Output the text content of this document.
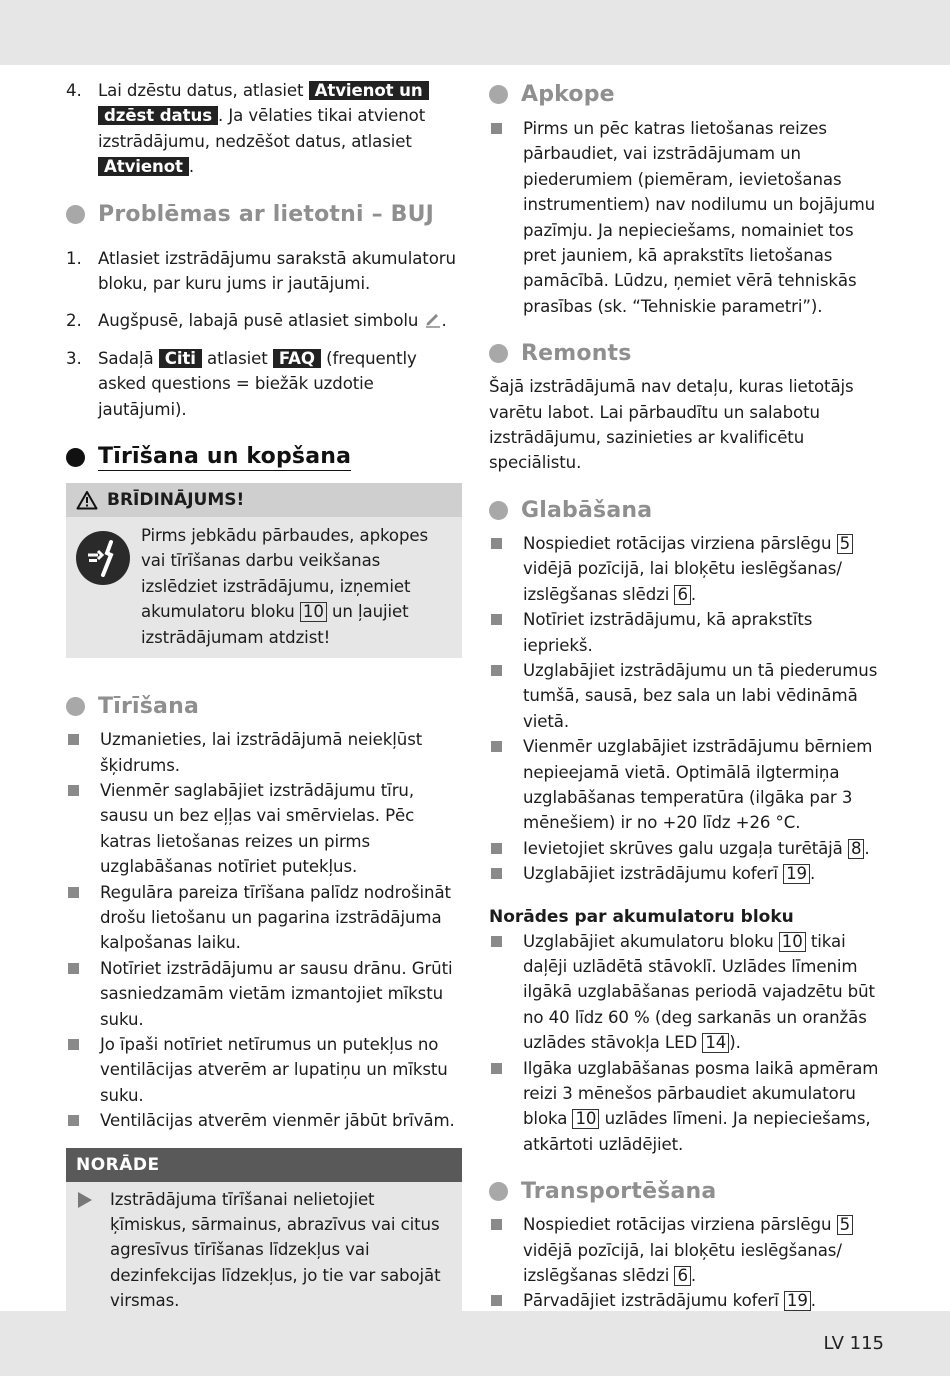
4. Lai dzēstu datus, atlasiet Atvienot un
dzēst datus . Ja vēlaties tikai atvienot izstrādājumu, nedzēšot datus, atlasiet Atvienot .
Problēmas ar lietotni – BUJ
1. Atlasiet izstrādājumu sarakstā akumulatoru bloku, par kuru jums ir jautājumi.
2. Augšpusē, labajā pusē atlasiet simbolu .
3. Sadaļā Citi atlasiet FAQ (frequently asked questions = biežāk uzdotie jautājumi).
Tīrīšana un kopšana
BRĪDINĀJUMS!
Pirms jebkādu pārbaudes, apkopes vai tīrīšanas darbu veikšanas izslēdziet izstrādājumu, izņemiet akumulatoru bloku 10 un ļaujiet izstrādājumam atdzist!
Tīrīšana
Uzmanieties, lai izstrādājumā neiekļūst šķidrums.
Vienmēr saglabājiet izstrādājumu tīru, sausu un bez eļļas vai smērvielas. Pēc katras lietošanas reizes un pirms uzglabāšanas notīriet putekļus.
Regulāra pareiza tīrīšana palīdz nodrošināt drošu lietošanu un pagarina izstrādājuma kalpošanas laiku.
Notīriet izstrādājumu ar sausu drānu. Grūti sasniedzamām vietām izmantojiet mīkstu suku.
Jo īpaši notīriet netīrumus un putekļus no ventilācijas atverēm ar lupatiņu un mīkstu suku.
Ventilācijas atverēm vienmēr jābūt brīvām.
NORĀDE
Izstrādājuma tīrīšanai nelietojiet ķīmiskus, sārmainus, abrazīvus vai citus agresīvus tīrīšanas līdzekļus vai dezinfekcijas līdzekļus, jo tie var sabojāt virsmas.
Apkope
Pirms un pēc katras lietošanas reizes pārbaudiet, vai izstrādājumam un piederumiem (piemēram, ievietošanas instrumentiem) nav nodilumu un bojājumu pazīmju. Ja nepieciešams, nomainiet tos pret jauniem, kā aprakstīts lietošanas pamācībā. Lūdzu, ņemiet vērā tehniskās prasības (sk. “Tehniskie parametri”).
Remonts
Šajā izstrādājumā nav detaļu, kuras lietotājs varētu labot. Lai pārbaudītu un salabotu izstrādājumu, sazinieties ar kvalificētu speciālistu.
Glabāšana
Nospiediet rotācijas virziena pārslēgu 5 vidējā pozīcijā, lai bloķētu ieslēgšanas/ izslēgšanas slēdzi 6 .
Notīriet izstrādājumu, kā aprakstīts iepriekš.
Uzglabājiet izstrādājumu un tā piederumus tumšā, sausā, bez sala un labi vēdināmā vietā.
Vienmēr uzglabājiet izstrādājumu bērniem nepieejamā vietā. Optimālā ilgtermiņa uzglabāšanas temperatūra (ilgāka par 3 mēnešiem) ir no +20 līdz +26 °C.
Ievietojiet skrūves galu uzgaļa turētājā 8 .
Uzglabājiet izstrādājumu koferī 19 .
Norādes par akumulatoru bloku
Uzglabājiet akumulatoru bloku 10 tikai daļēji uzlādētā stāvoklī. Uzlādes līmenim ilgākā uzglabāšanas periodā vajadzētu būt no 40 līdz 60 % (deg sarkanās un oranžās uzlādes stāvokļa LED 14 ).
Ilgāka uzglabāšanas posma laikā apmēram reizi 3 mēnešos pārbaudiet akumulatoru bloka 10 uzlādes līmeni. Ja nepieciešams, atkārtoti uzlādējiet.
Transportēšana
Nospiediet rotācijas virziena pārslēgu 5 vidējā pozīcijā, lai bloķētu ieslēgšanas/ izslēgšanas slēdzi 6 .
Pārvadājiet izstrādājumu koferī 19 .
LV 115
